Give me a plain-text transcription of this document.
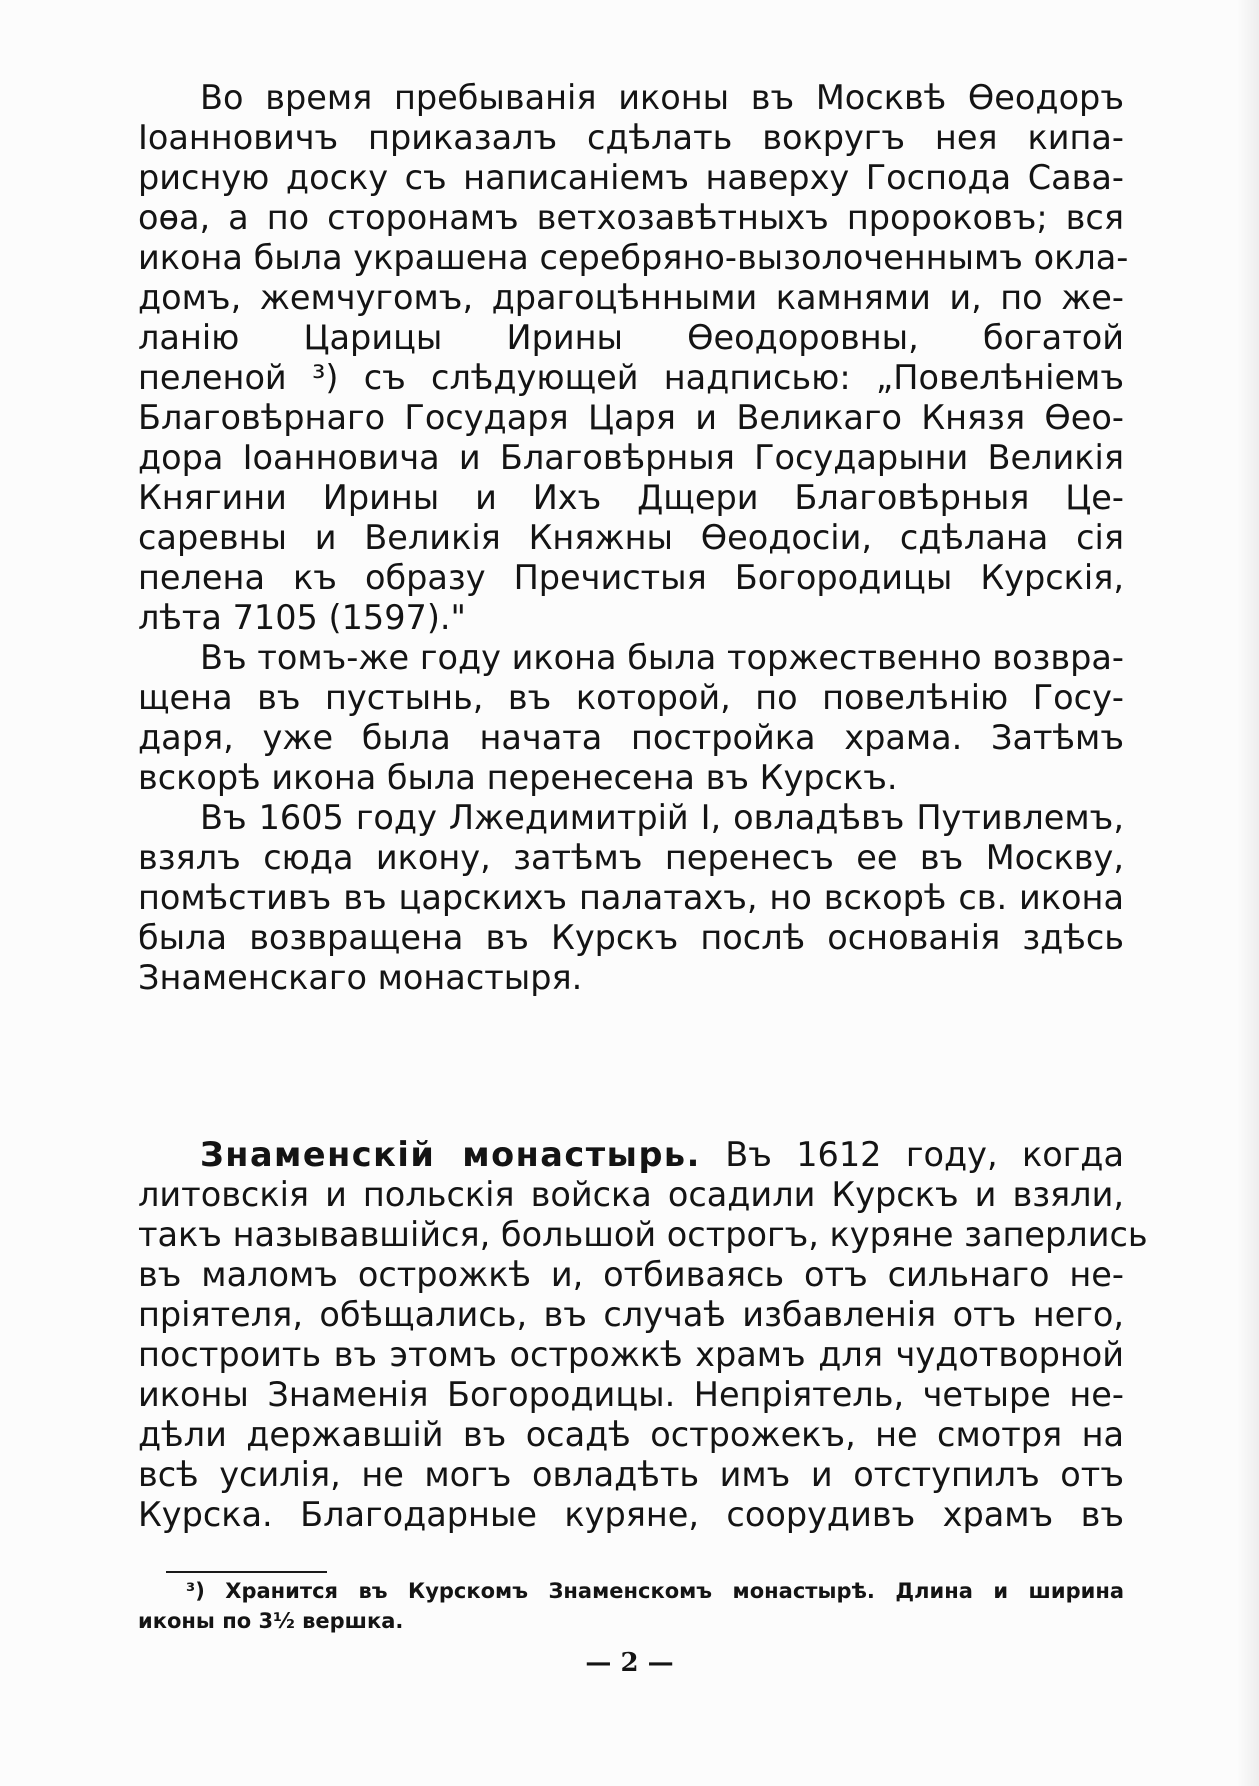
Во время пребыванія иконы въ Москвѣ Ѳеодоръ
Іоанновичъ приказалъ сдѣлать вокругъ нея кипа-
рисную доску съ написаніемъ наверху Господа Савa-
оѳа, а по сторонамъ ветхозавѣтныхъ пророковъ; вся
икона была украшена серебряно-вызолоченнымъ окла-
домъ, жемчугомъ, драгоцѣнными камнями и, по же-
ланію Царицы Ирины Ѳеодоровны, богатой
пеленой ³) съ слѣдующей надписью: „Повелѣніемъ
Благовѣрнаго Государя Царя и Великаго Князя Ѳео-
дора Іоанновича и Благовѣрныя Государыни Великія
Княгини Ирины и Ихъ Дщери Благовѣрныя Це-
саревны и Великія Княжны Ѳеодосіи, сдѣлана сія
пелена къ образу Пречистыя Богородицы Курскія,
лѣта 7105 (1597)."
Въ томъ-же году икона была торжественно возвра-
щена въ пустынь, въ которой, по повелѣнію Госу-
даря, уже была начата постройка храма. Затѣмъ
вскорѣ икона была перенесена въ Курскъ.
Въ 1605 году Лжедимитрій I, овладѣвъ Путивлемъ,
взялъ сюда икону, затѣмъ перенесъ ее въ Москву,
помѣстивъ въ царскихъ палатахъ, но вскорѣ св. икона
была возвращена въ Курскъ послѣ основанія здѣсь
Знаменскаго монастыря.
Знаменскій монастырь. Въ 1612 году, когда
литовскія и польскія войска осадили Курскъ и взяли,
такъ называвшійся, большой острогъ, куряне заперлись
въ маломъ острожкѣ и, отбиваясь отъ сильнаго не-
пріятеля, обѣщались, въ случаѣ избавленія отъ него,
построить въ этомъ острожкѣ храмъ для чудотворной
иконы Знаменія Богородицы. Непріятель, четыре не-
дѣли державшій въ осадѣ острожекъ, не смотря на
всѣ усилія, не могъ овладѣть имъ и отступилъ отъ
Курска. Благодарные куряне, соорудивъ храмъ въ
³) Хранится въ Курскомъ Знаменскомъ монастырѣ. Длина и ширина
иконы по 3½ вершка.
— 2 —
